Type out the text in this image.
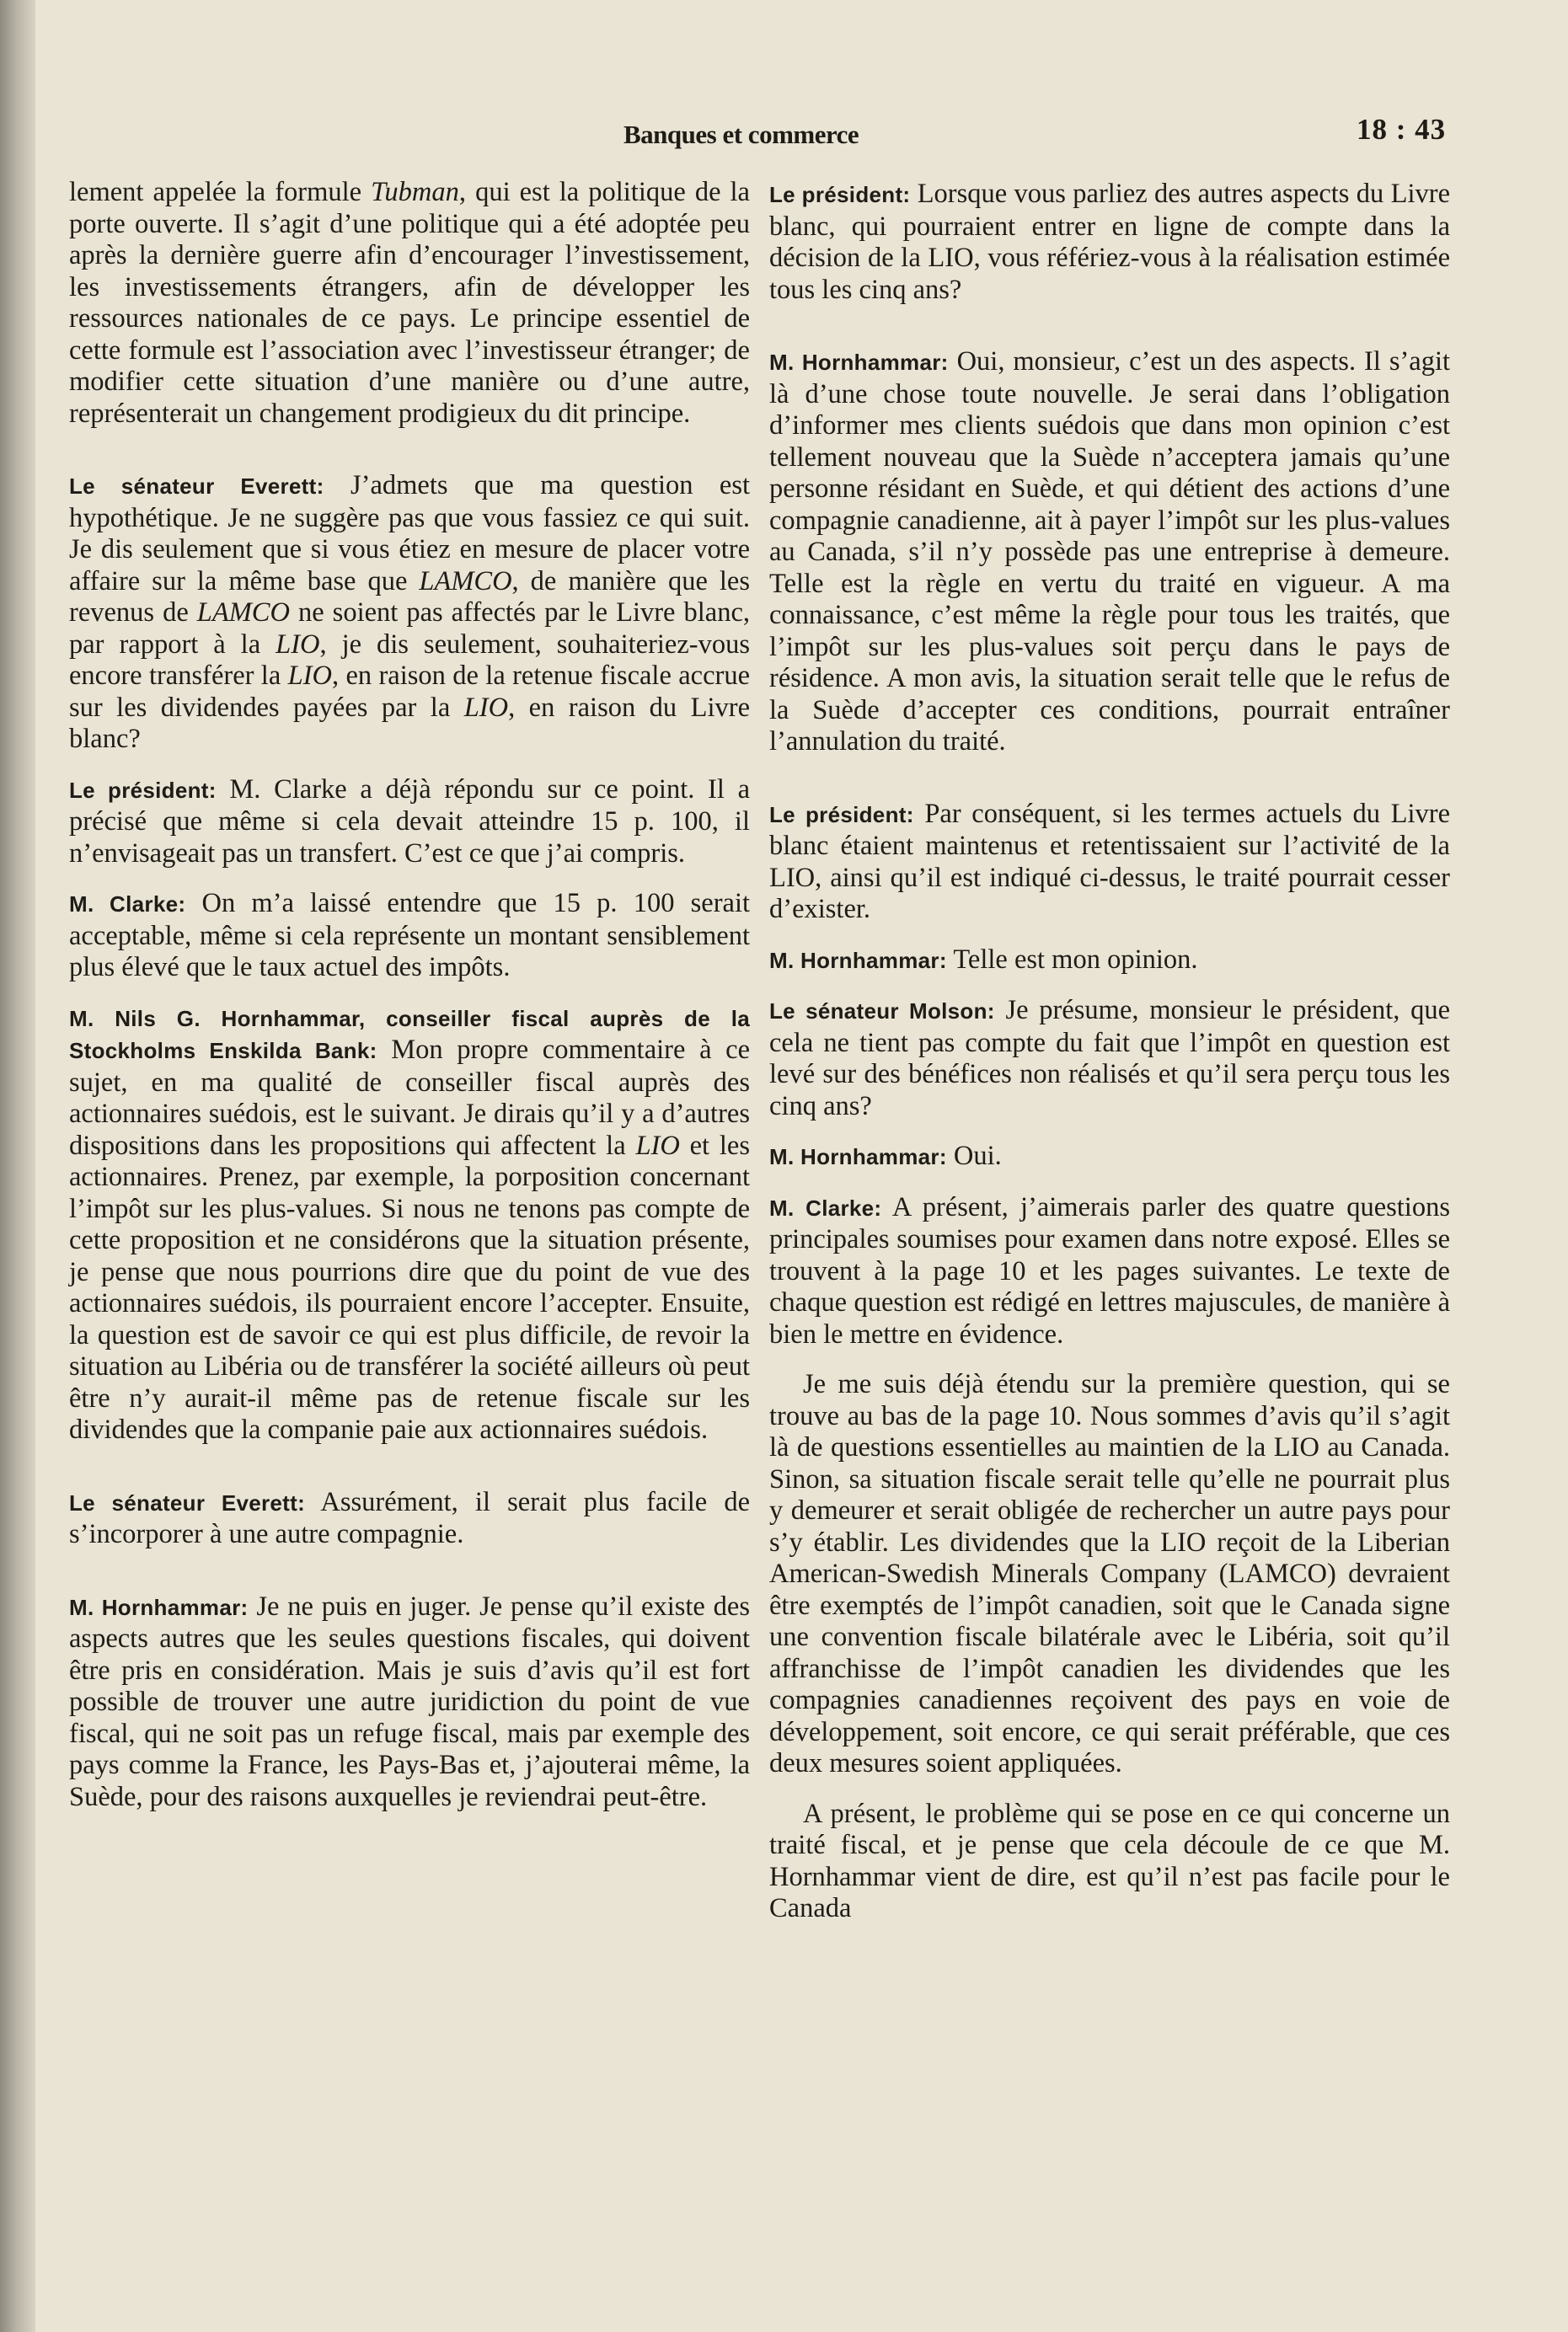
Banques et commerce	18 : 43

lement appelée la formule Tubman, qui est la politique de la porte ouverte. Il s’agit d’une politique qui a été adoptée peu après la dernière guerre afin d’encourager l’investissement, les investissements étrangers, afin de développer les ressources nationales de ce pays. Le principe essentiel de cette formule est l’association avec l’investisseur étranger; de modifier cette situation d’une manière ou d’une autre, représenterait un changement prodigieux du dit principe.

Le sénateur Everett: J’admets que ma question est hypothétique. Je ne suggère pas que vous fassiez ce qui suit. Je dis seulement que si vous étiez en mesure de placer votre affaire sur la même base que LAMCO, de manière que les revenus de LAMCO ne soient pas affectés par le Livre blanc, par rapport à la LIO, je dis seulement, souhaiteriez-vous encore transférer la LIO, en raison de la retenue fiscale accrue sur les dividendes payées par la LIO, en raison du Livre blanc?

Le président: M. Clarke a déjà répondu sur ce point. Il a précisé que même si cela devait atteindre 15 p. 100, il n’envisageait pas un transfert. C’est ce que j’ai compris.

M. Clarke: On m’a laissé entendre que 15 p. 100 serait acceptable, même si cela représente un montant sensiblement plus élevé que le taux actuel des impôts.

M. Nils G. Hornhammar, conseiller fiscal auprès de la Stockholms Enskilda Bank: Mon propre commentaire à ce sujet, en ma qualité de conseiller fiscal auprès des actionnaires suédois, est le suivant. Je dirais qu’il y a d’autres dispositions dans les propositions qui affectent la LIO et les actionnaires. Prenez, par exemple, la porposition concernant l’impôt sur les plus-values. Si nous ne tenons pas compte de cette proposition et ne considérons que la situation présente, je pense que nous pourrions dire que du point de vue des actionnaires suédois, ils pourraient encore l’accepter. Ensuite, la question est de savoir ce qui est plus difficile, de revoir la situation au Libéria ou de transférer la société ailleurs où peut être n’y aurait-il même pas de retenue fiscale sur les dividendes que la companie paie aux actionnaires suédois.

Le sénateur Everett: Assurément, il serait plus facile de s’incorporer à une autre compagnie.

M. Hornhammar: Je ne puis en juger. Je pense qu’il existe des aspects autres que les seules questions fiscales, qui doivent être pris en considération. Mais je suis d’avis qu’il est fort possible de trouver une autre juridiction du point de vue fiscal, qui ne soit pas un refuge fiscal, mais par exemple des pays comme la France, les Pays-Bas et, j’ajouterai même, la Suède, pour des raisons auxquelles je reviendrai peut-être.

Le président: Lorsque vous parliez des autres aspects du Livre blanc, qui pourraient entrer en ligne de compte dans la décision de la LIO, vous référiez-vous à la réalisation estimée tous les cinq ans?

M. Hornhammar: Oui, monsieur, c’est un des aspects. Il s’agit là d’une chose toute nouvelle. Je serai dans l’obligation d’informer mes clients suédois que dans mon opinion c’est tellement nouveau que la Suède n’acceptera jamais qu’une personne résidant en Suède, et qui détient des actions d’une compagnie canadienne, ait à payer l’impôt sur les plus-values au Canada, s’il n’y possède pas une entreprise à demeure. Telle est la règle en vertu du traité en vigueur. A ma connaissance, c’est même la règle pour tous les traités, que l’impôt sur les plus-values soit perçu dans le pays de résidence. A mon avis, la situation serait telle que le refus de la Suède d’accepter ces conditions, pourrait entraîner l’annulation du traité.

Le président: Par conséquent, si les termes actuels du Livre blanc étaient maintenus et retentissaient sur l’activité de la LIO, ainsi qu’il est indiqué ci-dessus, le traité pourrait cesser d’exister.

M. Hornhammar: Telle est mon opinion.

Le sénateur Molson: Je présume, monsieur le président, que cela ne tient pas compte du fait que l’impôt en question est levé sur des bénéfices non réalisés et qu’il sera perçu tous les cinq ans?

M. Hornhammar: Oui.

M. Clarke: A présent, j’aimerais parler des quatre questions principales soumises pour examen dans notre exposé. Elles se trouvent à la page 10 et les pages suivantes. Le texte de chaque question est rédigé en lettres majuscules, de manière à bien le mettre en évidence.

Je me suis déjà étendu sur la première question, qui se trouve au bas de la page 10. Nous sommes d’avis qu’il s’agit là de questions essentielles au maintien de la LIO au Canada. Sinon, sa situation fiscale serait telle qu’elle ne pourrait plus y demeurer et serait obligée de rechercher un autre pays pour s’y établir. Les dividendes que la LIO reçoit de la Liberian American-Swedish Minerals Company (LAMCO) devraient être exemptés de l’impôt canadien, soit que le Canada signe une convention fiscale bilatérale avec le Libéria, soit qu’il affranchisse de l’impôt canadien les dividendes que les compagnies canadiennes reçoivent des pays en voie de développement, soit encore, ce qui serait préférable, que ces deux mesures soient appliquées.

A présent, le problème qui se pose en ce qui concerne un traité fiscal, et je pense que cela découle de ce que M. Hornhammar vient de dire, est qu’il n’est pas facile pour le Canada
